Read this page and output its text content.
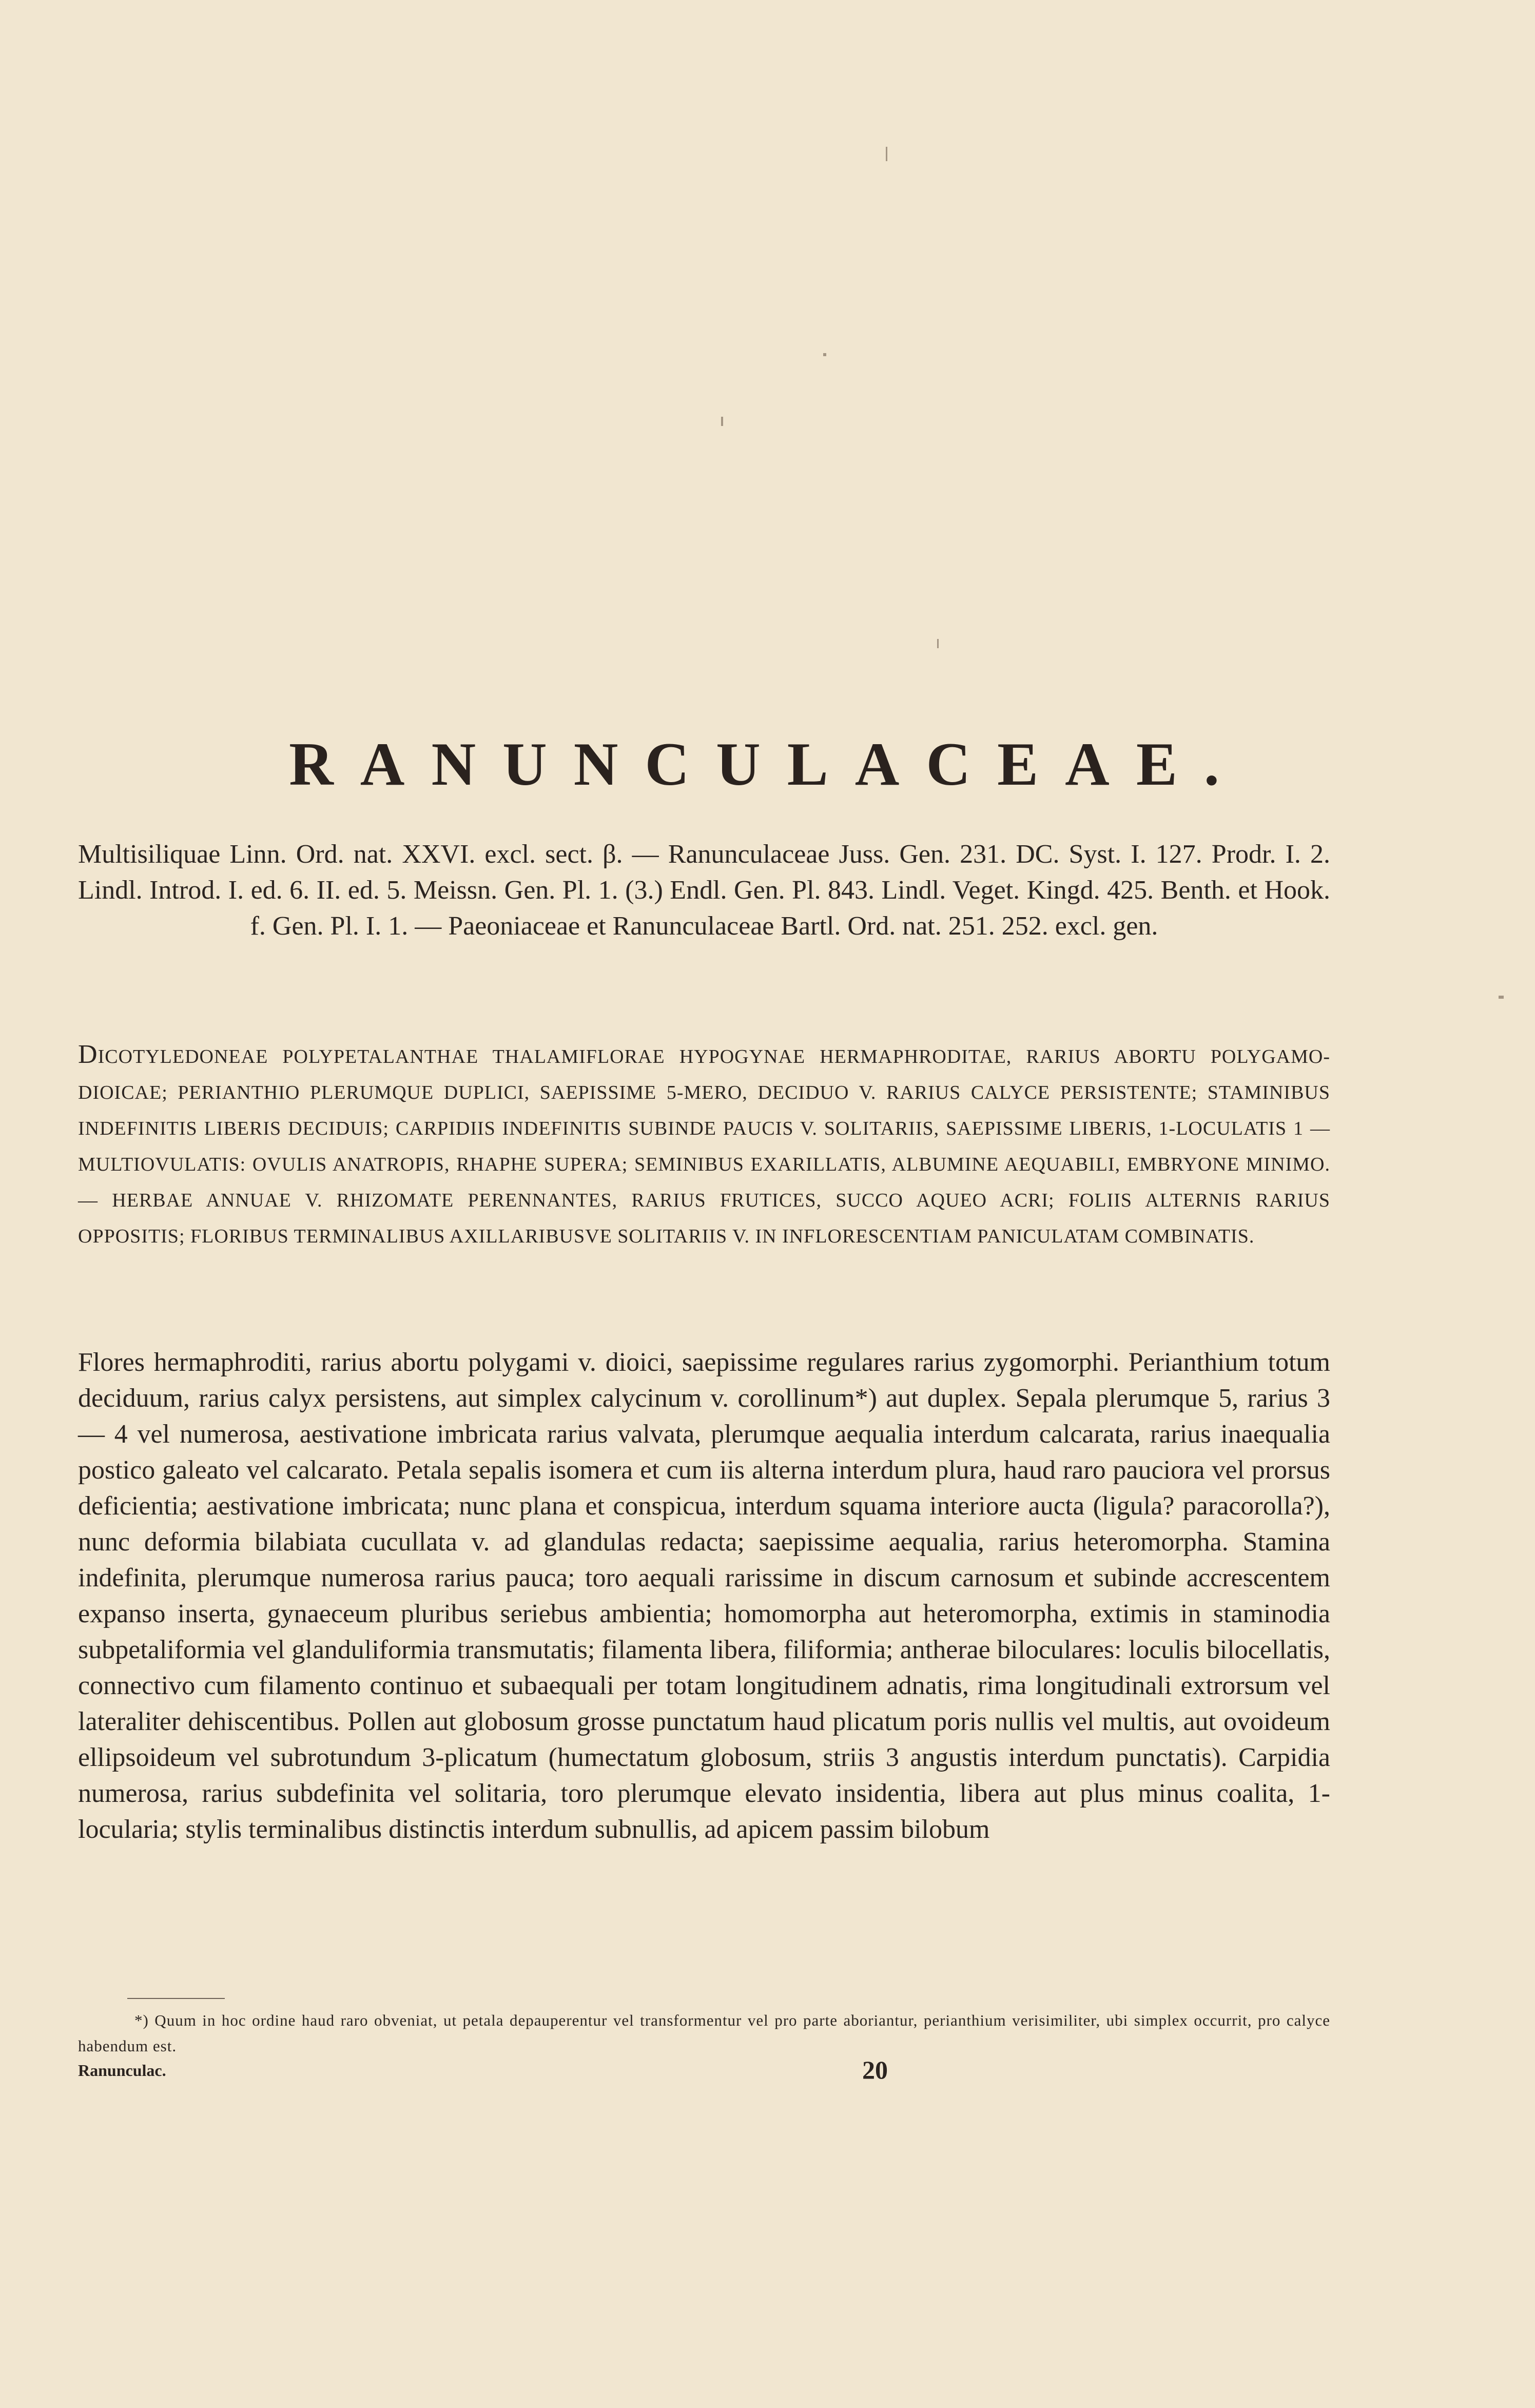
RANUNCULACEAE.
Multisiliquae Linn. Ord. nat. XXVI. excl. sect. β. — Ranunculaceae Juss. Gen. 231. DC. Syst. I. 127. Prodr. I. 2. Lindl. Introd. I. ed. 6. II. ed. 5. Meissn. Gen. Pl. 1. (3.) Endl. Gen. Pl. 843. Lindl. Veget. Kingd. 425. Benth. et Hook. f. Gen. Pl. I. 1. — Paeoniaceae et Ranunculaceae Bartl. Ord. nat. 251. 252. excl. gen.
DICOTYLEDONEAE POLYPETALANTHAE THALAMIFLORAE HYPOGYNAE HERMAPHRODITAE, RARIUS ABORTU POLYGAMO-DIOICAE; PERIANTHIO PLERUMQUE DUPLICI, SAEPISSIME 5-MERO, DECIDUO V. RARIUS CALYCE PERSISTENTE; STAMINIBUS INDEFINITIS LIBERIS DECIDUIS; CARPIDIIS INDEFINITIS SUBINDE PAUCIS V. SOLITARIIS, SAEPISSIME LIBERIS, 1-LOCULATIS 1 — MULTIOVULATIS: OVULIS ANATROPIS, RHAPHE SUPERA; SEMINIBUS EXARILLATIS, ALBUMINE AEQUABILI, EMBRYONE MINIMO. — HERBAE ANNUAE V. RHIZOMATE PERENNANTES, RARIUS FRUTICES, SUCCO AQUEO ACRI; FOLIIS ALTERNIS RARIUS OPPOSITIS; FLORIBUS TERMINALIBUS AXILLARIBUSVE SOLITARIIS V. IN INFLORESCENTIAM PANICULATAM COMBINATIS.
Flores hermaphroditi, rarius abortu polygami v. dioici, saepissime regulares rarius zygomorphi. Perianthium totum deciduum, rarius calyx persistens, aut simplex calycinum v. corollinum*) aut duplex. Sepala plerumque 5, rarius 3 — 4 vel numerosa, aestivatione imbricata rarius valvata, plerumque aequalia interdum calcarata, rarius inaequalia postico galeato vel calcarato. Petala sepalis isomera et cum iis alterna interdum plura, haud raro pauciora vel prorsus deficientia; aestivatione imbricata; nunc plana et conspicua, interdum squama interiore aucta (ligula? paracorolla?), nunc deformia bilabiata cucullata v. ad glandulas redacta; saepissime aequalia, rarius heteromorpha. Stamina indefinita, plerumque numerosa rarius pauca; toro aequali rarissime in discum carnosum et subinde accrescentem expanso inserta, gynaeceum pluribus seriebus ambientia; homomorpha aut heteromorpha, extimis in staminodia subpetaliformia vel glanduliformia transmutatis; filamenta libera, filiformia; antherae biloculares: loculis bilocellatis, connectivo cum filamento continuo et subaequali per totam longitudinem adnatis, rima longitudinali extrorsum vel lateraliter dehiscentibus. Pollen aut globosum grosse punctatum haud plicatum poris nullis vel multis, aut ovoideum ellipsoideum vel subrotundum 3-plicatum (humectatum globosum, striis 3 angustis interdum punctatis). Carpidia numerosa, rarius subdefinita vel solitaria, toro plerumque elevato insidentia, libera aut plus minus coalita, 1-locularia; stylis terminalibus distinctis interdum subnullis, ad apicem passim bilobum
*) Quum in hoc ordine haud raro obveniat, ut petala depauperentur vel transformentur vel pro parte aboriantur, perianthium verisimiliter, ubi simplex occurrit, pro calyce habendum est.
Ranunculac.	20
